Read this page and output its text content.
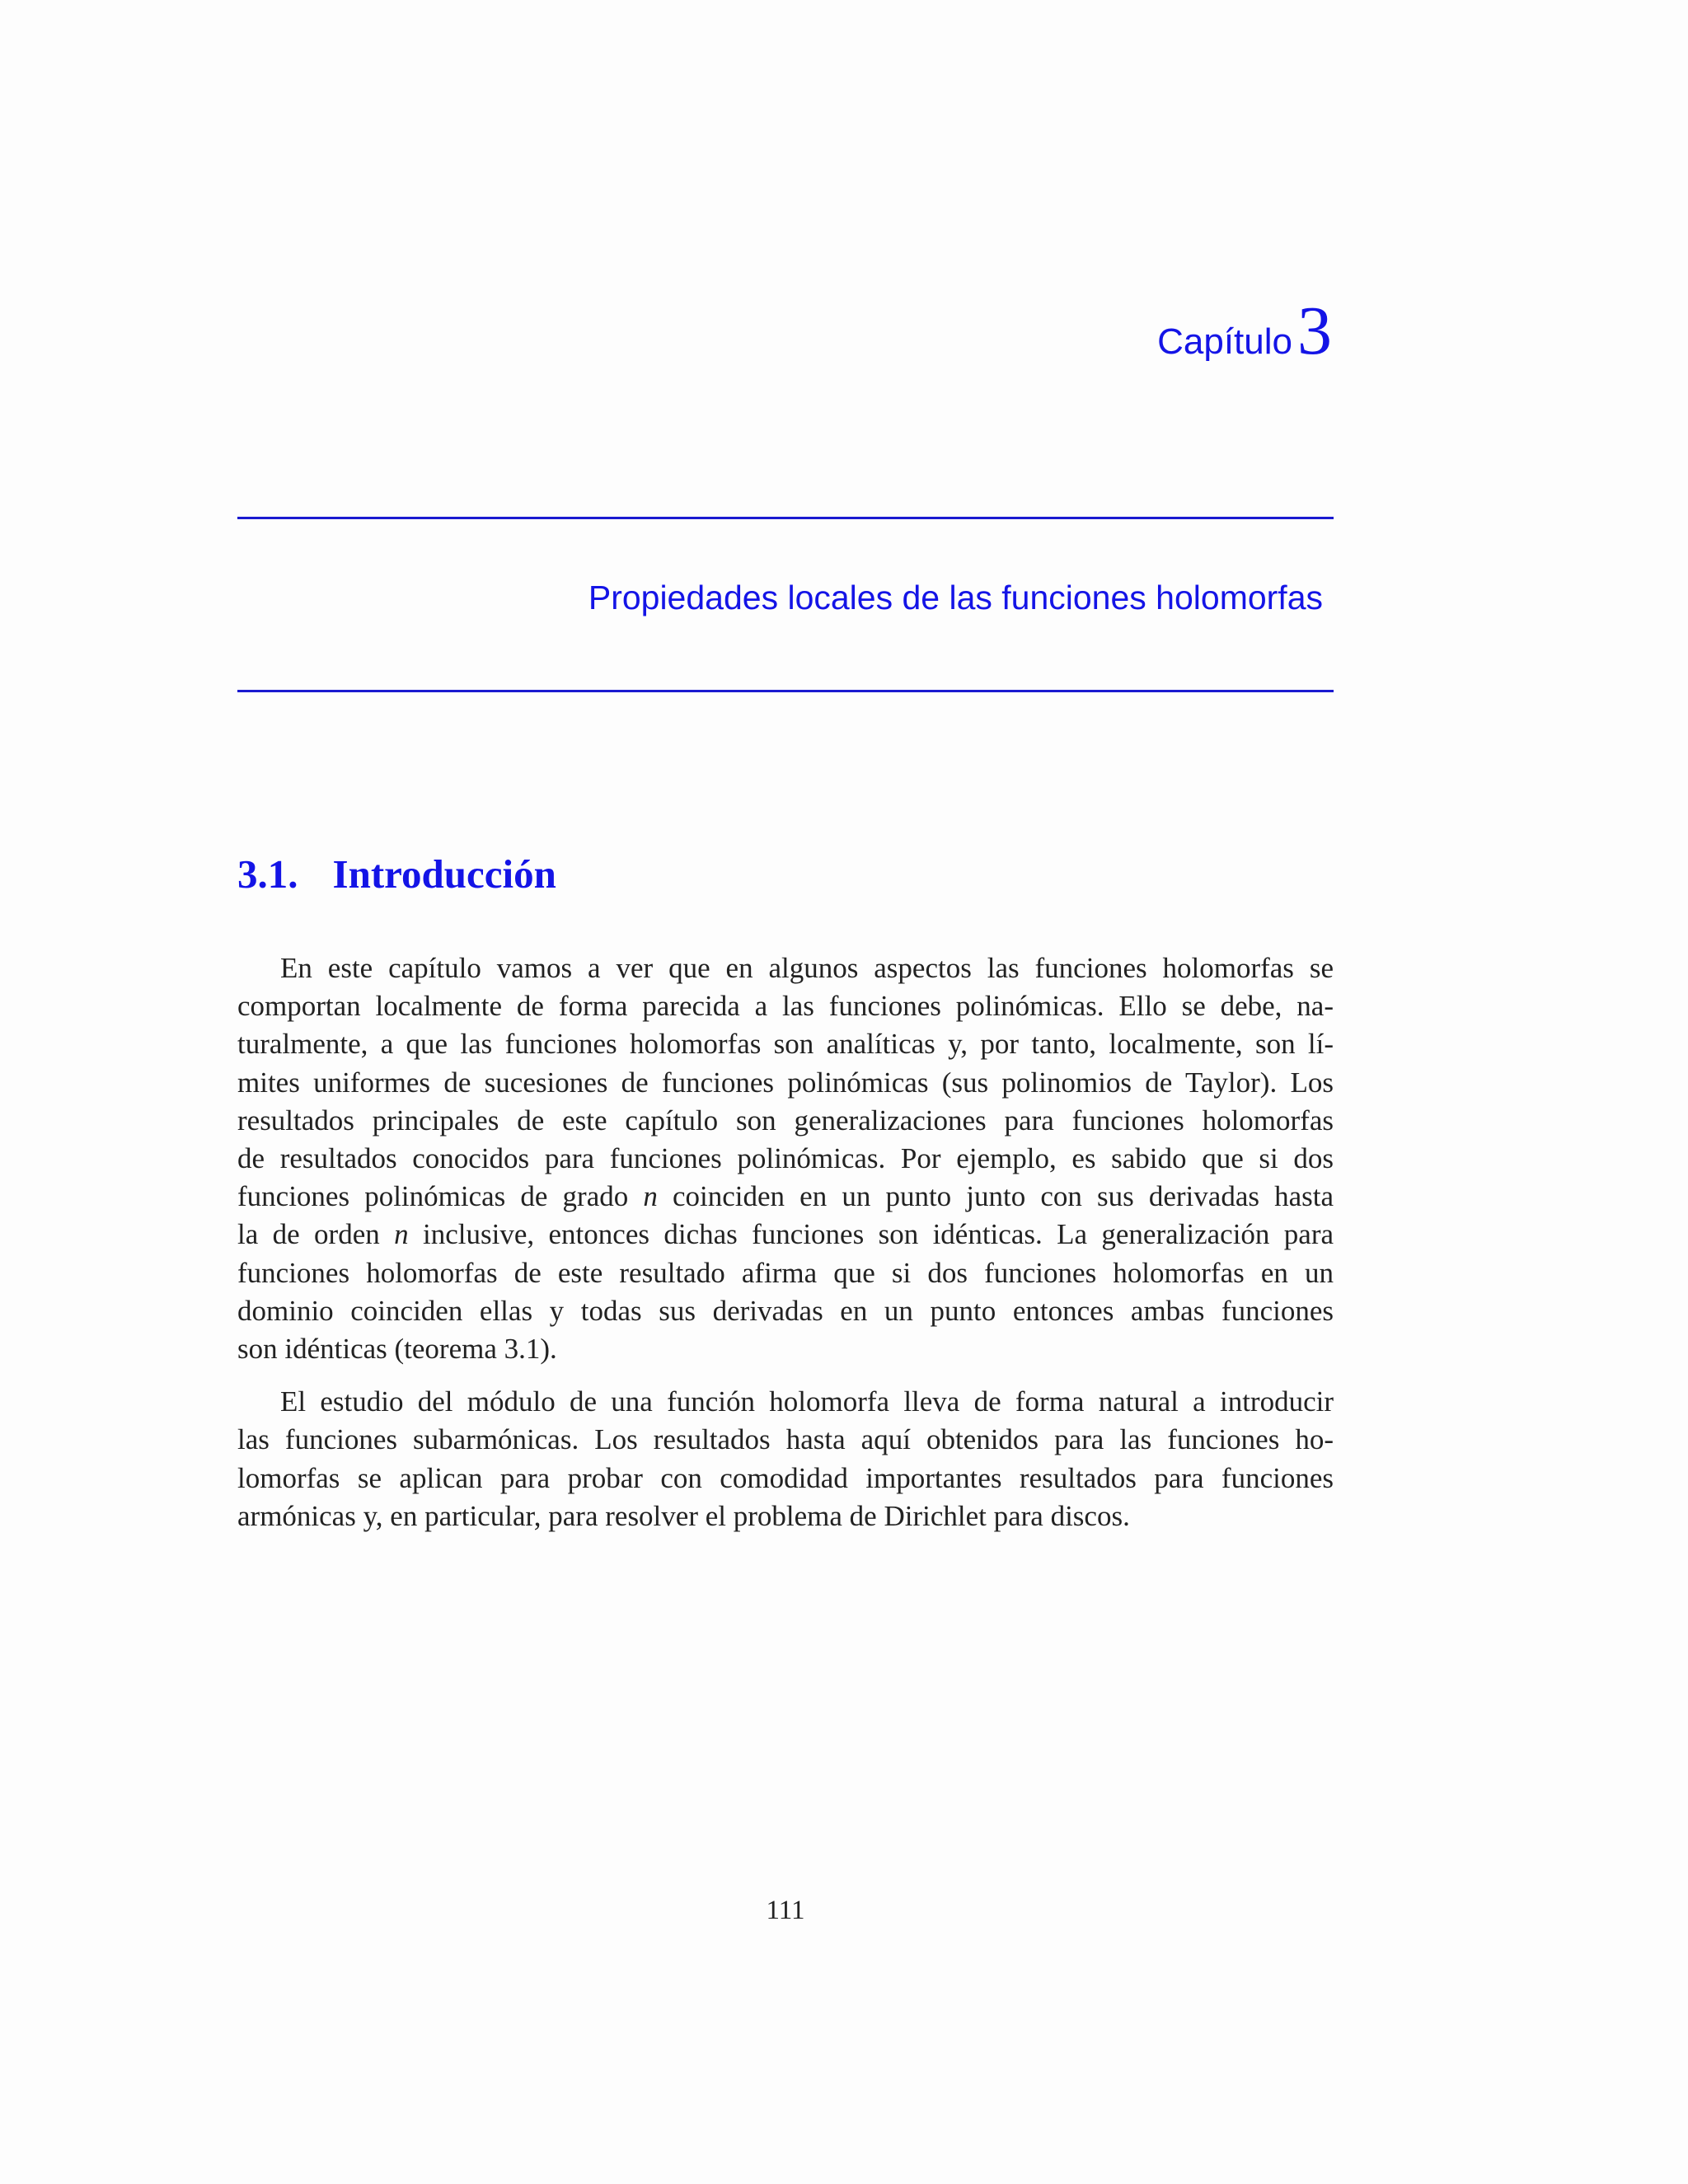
Capítulo 3
Propiedades locales de las funciones holomorfas
3.1. Introducción
En este capítulo vamos a ver que en algunos aspectos las funciones holomorfas se
comportan localmente de forma parecida a las funciones polinómicas. Ello se debe, na-
turalmente, a que las funciones holomorfas son analíticas y, por tanto, localmente, son lí-
mites uniformes de sucesiones de funciones polinómicas (sus polinomios de Taylor). Los
resultados principales de este capítulo son generalizaciones para funciones holomorfas
de resultados conocidos para funciones polinómicas. Por ejemplo, es sabido que si dos
funciones polinómicas de grado n coinciden en un punto junto con sus derivadas hasta
la de orden n inclusive, entonces dichas funciones son idénticas. La generalización para
funciones holomorfas de este resultado afirma que si dos funciones holomorfas en un
dominio coinciden ellas y todas sus derivadas en un punto entonces ambas funciones
son idénticas (teorema 3.1).
El estudio del módulo de una función holomorfa lleva de forma natural a introducir
las funciones subarmónicas. Los resultados hasta aquí obtenidos para las funciones ho-
lomorfas se aplican para probar con comodidad importantes resultados para funciones
armónicas y, en particular, para resolver el problema de Dirichlet para discos.
111
